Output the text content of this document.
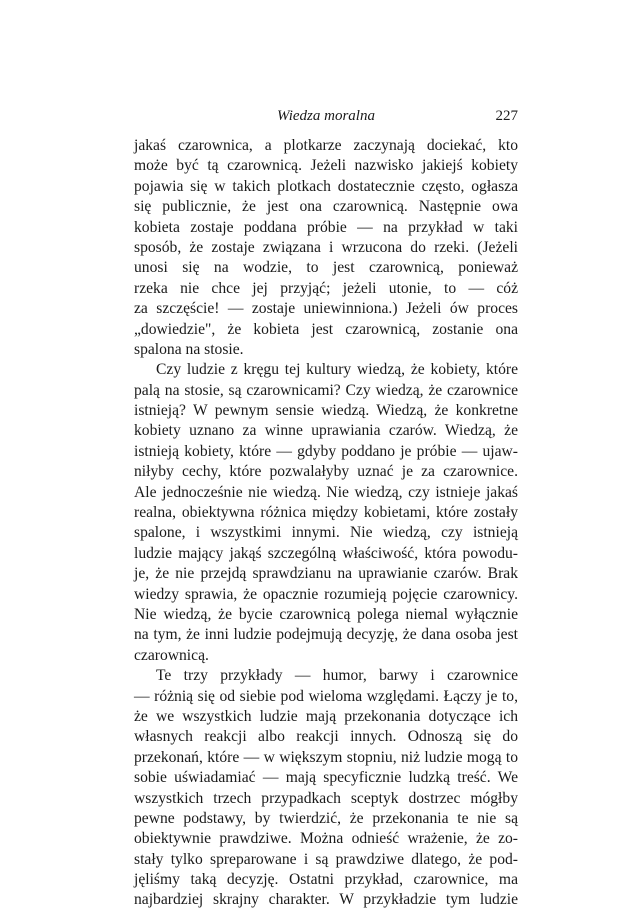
Wiedza moralna	227
jakaś czarownica, a plotkarze zaczynają dociekać, kto
może być tą czarownicą. Jeżeli nazwisko jakiejś kobiety
pojawia się w takich plotkach dostatecznie często, ogłasza
się publicznie, że jest ona czarownicą. Następnie owa
kobieta zostaje poddana próbie — na przykład w taki
sposób, że zostaje związana i wrzucona do rzeki. (Jeżeli
unosi się na wodzie, to jest czarownicą, ponieważ
rzeka nie chce jej przyjąć; jeżeli utonie, to — cóż
za szczęście! — zostaje uniewinniona.) Jeżeli ów proces
„dowiedzie", że kobieta jest czarownicą, zostanie ona
spalona na stosie.
Czy ludzie z kręgu tej kultury wiedzą, że kobiety, które
palą na stosie, są czarownicami? Czy wiedzą, że czarownice
istnieją? W pewnym sensie wiedzą. Wiedzą, że konkretne
kobiety uznano za winne uprawiania czarów. Wiedzą, że
istnieją kobiety, które — gdyby poddano je próbie — ujaw-
niłyby cechy, które pozwalałyby uznać je za czarownice.
Ale jednocześnie nie wiedzą. Nie wiedzą, czy istnieje jakaś
realna, obiektywna różnica między kobietami, które zostały
spalone, i wszystkimi innymi. Nie wiedzą, czy istnieją
ludzie mający jakąś szczególną właściwość, która powodu-
je, że nie przejdą sprawdzianu na uprawianie czarów. Brak
wiedzy sprawia, że opacznie rozumieją pojęcie czarownicy.
Nie wiedzą, że bycie czarownicą polega niemal wyłącznie
na tym, że inni ludzie podejmują decyzję, że dana osoba jest
czarownicą.
Te trzy przykłady — humor, barwy i czarownice
— różnią się od siebie pod wieloma względami. Łączy je to,
że we wszystkich ludzie mają przekonania dotyczące ich
własnych reakcji albo reakcji innych. Odnoszą się do
przekonań, które — w większym stopniu, niż ludzie mogą to
sobie uświadamiać — mają specyficznie ludzką treść. We
wszystkich trzech przypadkach sceptyk dostrzec mógłby
pewne podstawy, by twierdzić, że przekonania te nie są
obiektywnie prawdziwe. Można odnieść wrażenie, że zo-
stały tylko spreparowane i są prawdziwe dlatego, że pod-
jęliśmy taką decyzję. Ostatni przykład, czarownice, ma
najbardziej skrajny charakter. W przykładzie tym ludzie
